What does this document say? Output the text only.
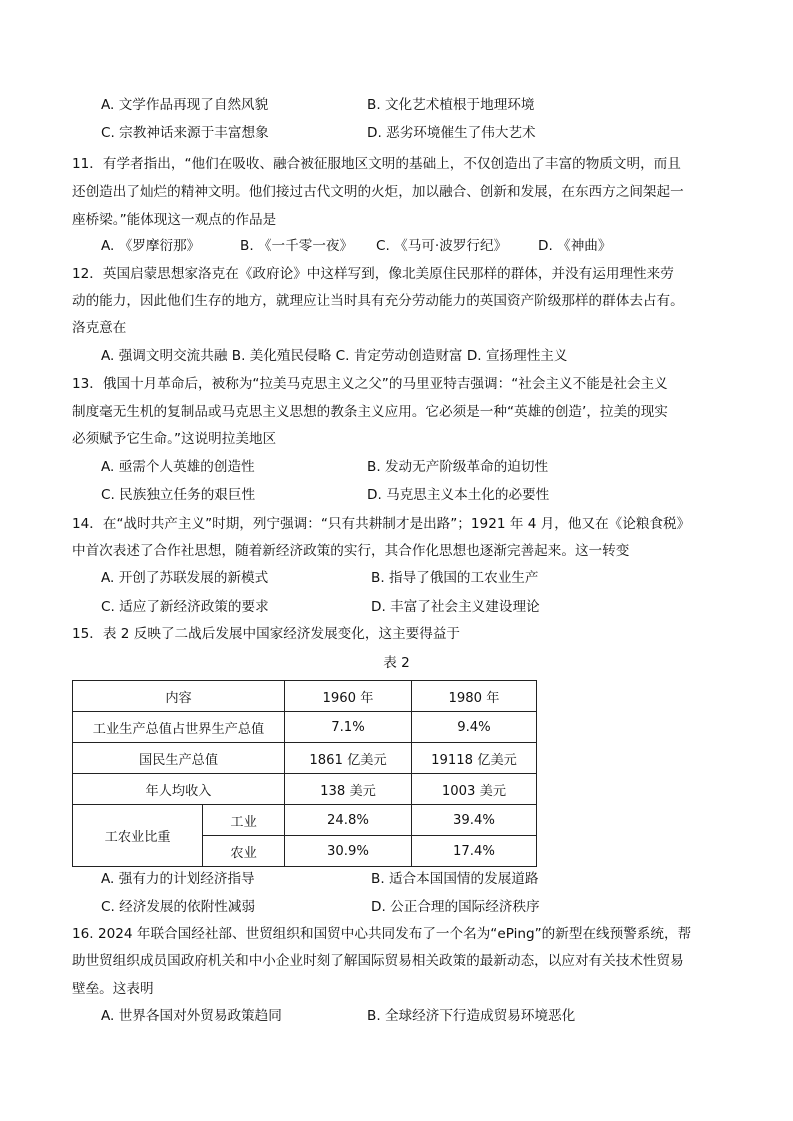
A. 文学作品再现了自然风貌	B. 文化艺术植根于地理环境
C. 宗教神话来源于丰富想象	D. 恶劣环境催生了伟大艺术
11．有学者指出，“他们在吸收、融合被征服地区文明的基础上，不仅创造出了丰富的物质文明，而且
还创造出了灿烂的精神文明。他们接过古代文明的火炬，加以融合、创新和发展，在东西方之间架起一
座桥梁。”能体现这一观点的作品是
A. 《罗摩衍那》	B. 《一千零一夜》 C. 《马可·波罗行纪》 D. 《神曲》
12．英国启蒙思想家洛克在《政府论》中这样写到，像北美原住民那样的群体，并没有运用理性来劳
动的能力，因此他们生存的地方，就理应让当时具有充分劳动能力的英国资产阶级那样的群体去占有。
洛克意在
A. 强调文明交流共融 B. 美化殖民侵略 C. 肯定劳动创造财富 D. 宣扬理性主义
13．俄国十月革命后，被称为“拉美马克思主义之父”的马里亚特吉强调：“社会主义不能是社会主义
制度毫无生机的复制品或马克思主义思想的教条主义应用。它必须是一种“英雄的创造’，拉美的现实
必须赋予它生命。”这说明拉美地区
A. 亟需个人英雄的创造性	B. 发动无产阶级革命的迫切性
C. 民族独立任务的艰巨性	D. 马克思主义本土化的必要性
14．在“战时共产主义”时期，列宁强调：“只有共耕制才是出路”；1921 年 4 月，他又在《论粮食税》
中首次表述了合作社思想，随着新经济政策的实行，其合作化思想也逐渐完善起来。这一转变
A. 开创了苏联发展的新模式	B. 指导了俄国的工农业生产
C. 适应了新经济政策的要求	D. 丰富了社会主义建设理论
15．表 2 反映了二战后发展中国家经济发展变化，这主要得益于
表 2
内容		1960 年	1980 年
工业生产总值占世界生产总值		7.1%	9.4%
国民生产总值		1861 亿美元	19118 亿美元
年人均收入		138 美元	1003 美元
工农业比重	工业	24.8%	39.4%
	农业	30.9%	17.4%
A. 强有力的计划经济指导	B. 适合本国国情的发展道路
C. 经济发展的依附性减弱	D. 公正合理的国际经济秩序
16. 2024 年联合国经社部、世贸组织和国贸中心共同发布了一个名为“ePing”的新型在线预警系统，帮
助世贸组织成员国政府机关和中小企业时刻了解国际贸易相关政策的最新动态，以应对有关技术性贸易
壁垒。这表明
A. 世界各国对外贸易政策趋同	B. 全球经济下行造成贸易环境恶化
